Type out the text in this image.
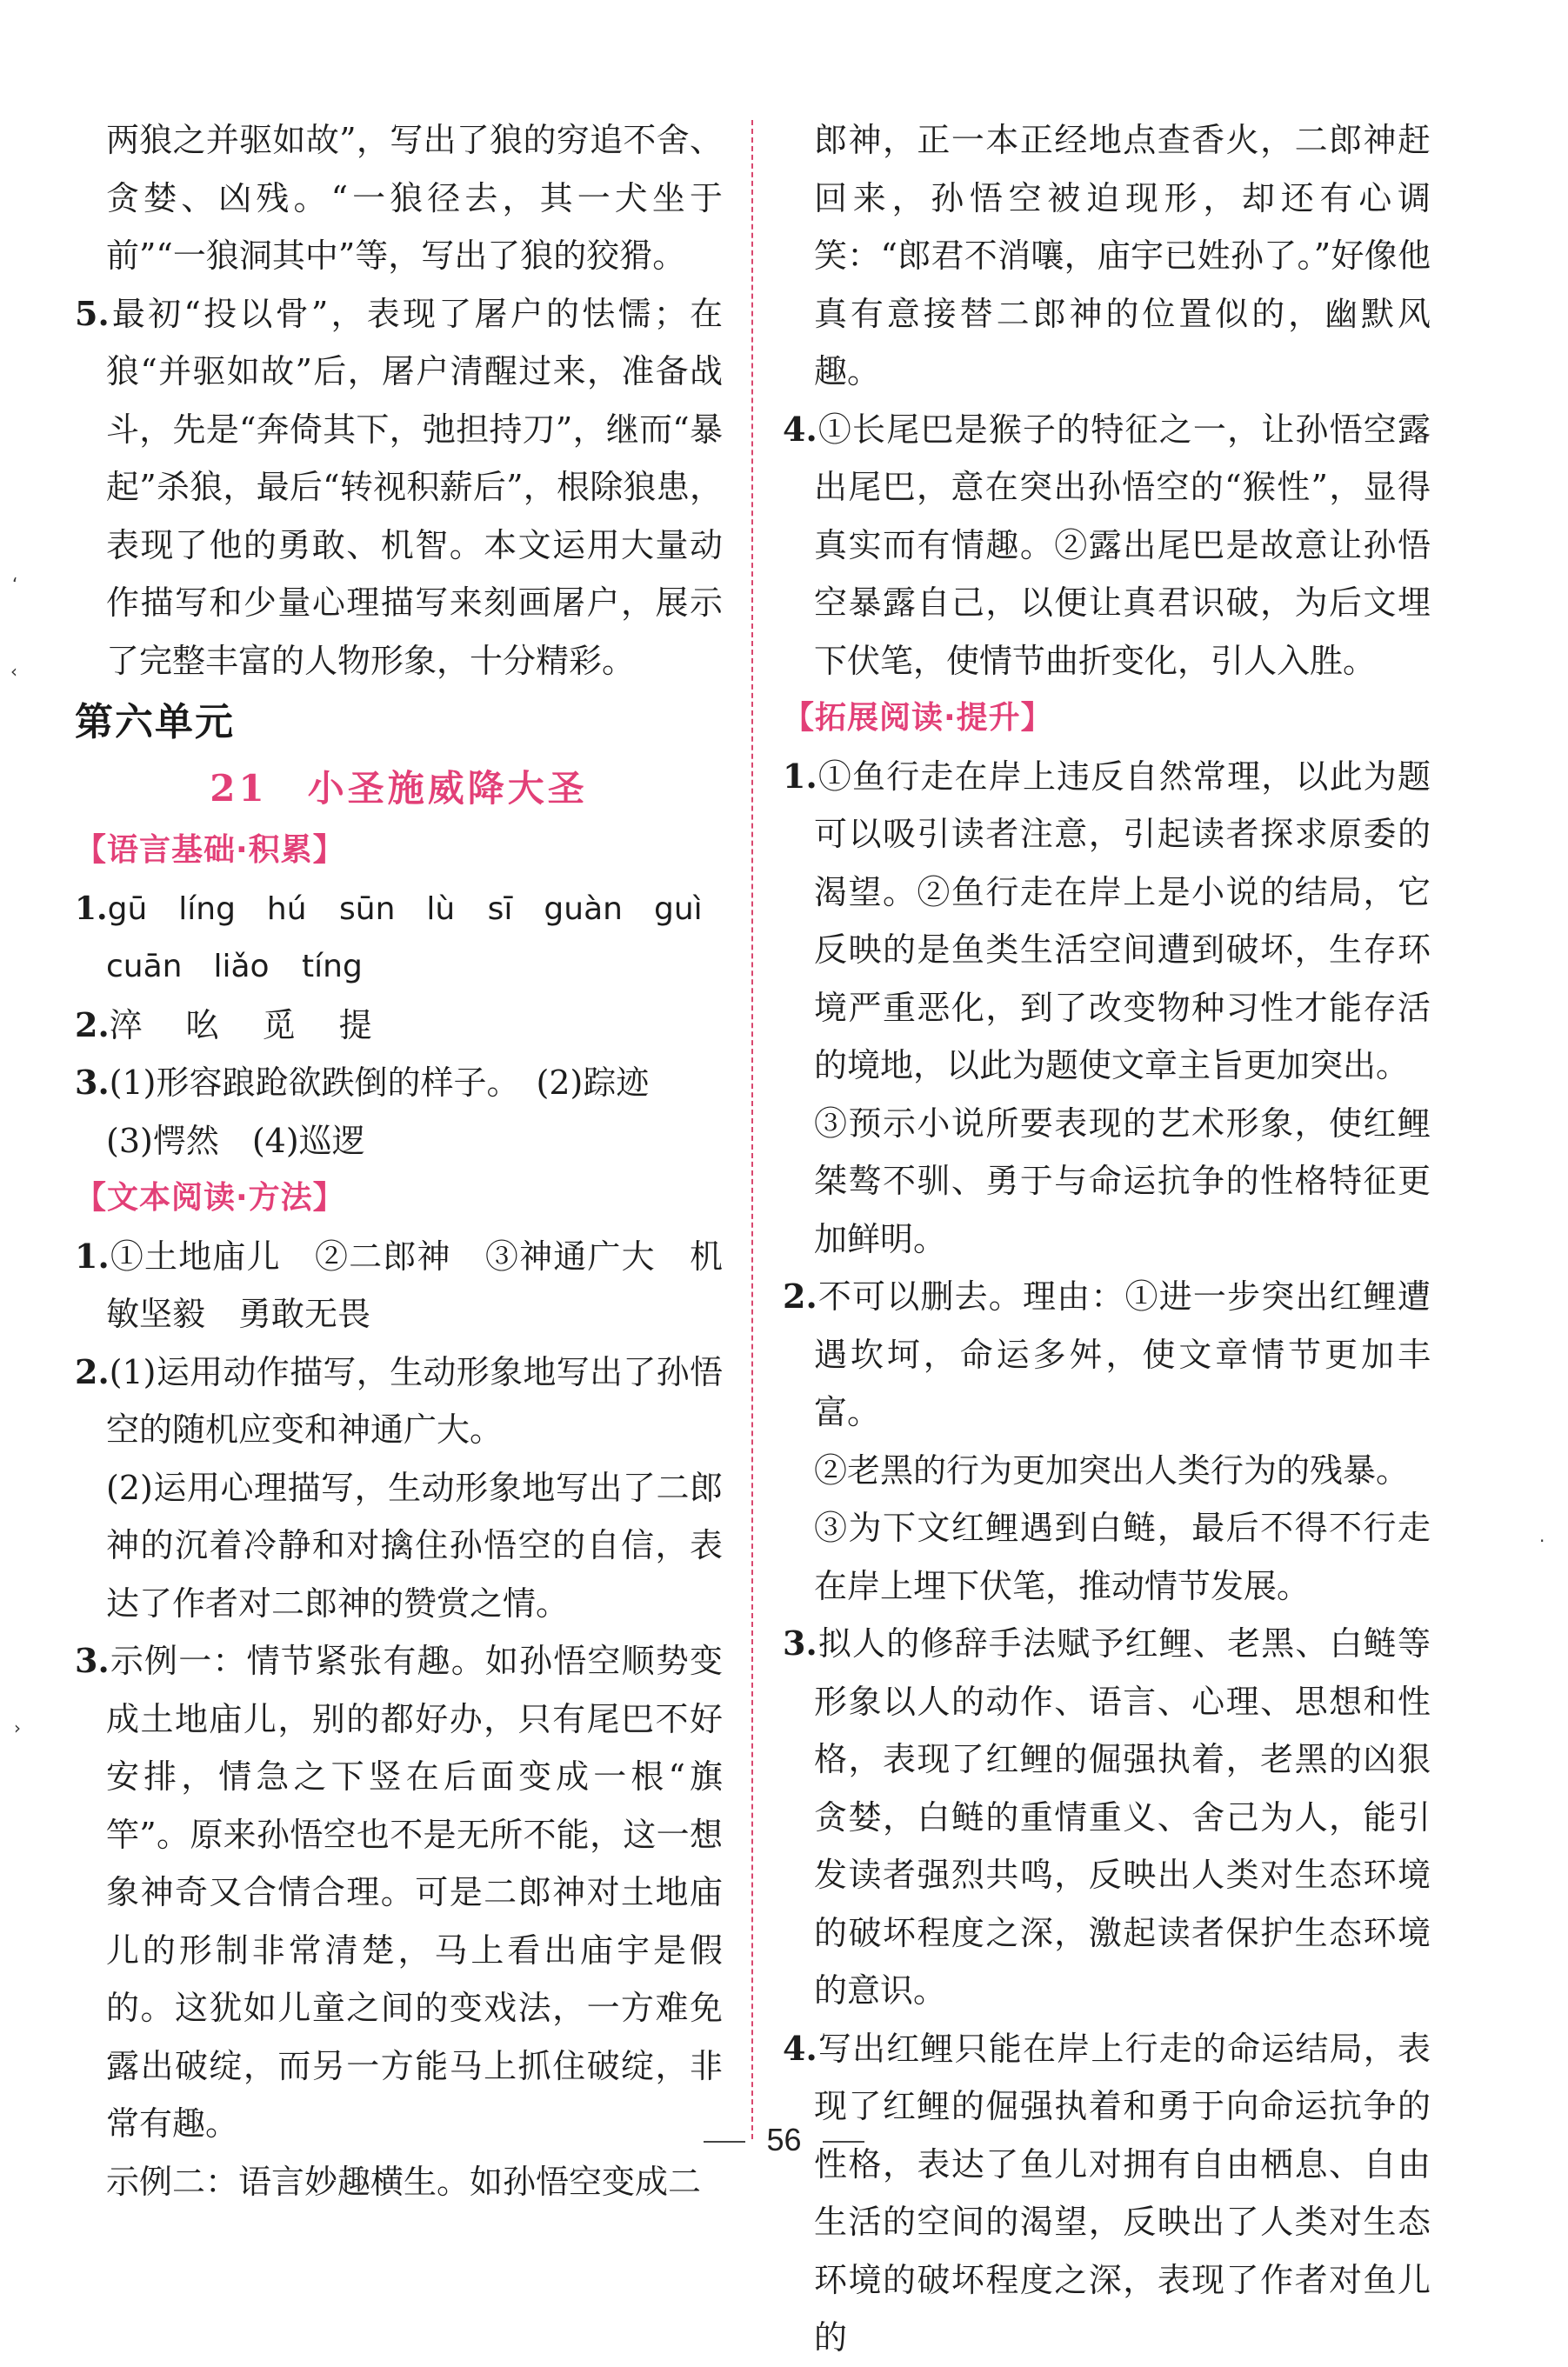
两狼之并驱如故”，写出了狼的穷追不舍、贪婪、凶残。“一狼径去，其一犬坐于前”“一狼洞其中”等，写出了狼的狡猾。

5.最初“投以骨”，表现了屠户的怯懦；在狼“并驱如故”后，屠户清醒过来，准备战斗，先是“奔倚其下，弛担持刀”，继而“暴起”杀狼，最后“转视积薪后”，根除狼患，表现了他的勇敢、机智。本文运用大量动作描写和少量心理描写来刻画屠户，展示了完整丰富的人物形象，十分精彩。

第六单元
21　小圣施威降大圣
【语言基础·积累】

1.gū　líng　hú sūn　lù sī　guàn　guì

cuān　liǎo tíng

2.淬　吆　觅　提

3.(1)形容踉跄欲跌倒的样子。　(2)踪迹

(3)愕然　(4)巡逻

【文本阅读·方法】

1.①土地庙儿　②二郎神　③神通广大　机敏坚毅　勇敢无畏

2.(1)运用动作描写，生动形象地写出了孙悟空的随机应变和神通广大。

(2)运用心理描写，生动形象地写出了二郎神的沉着冷静和对擒住孙悟空的自信，表达了作者对二郎神的赞赏之情。

3.示例一：情节紧张有趣。如孙悟空顺势变成土地庙儿，别的都好办，只有尾巴不好安排，情急之下竖在后面变成一根“旗竿”。原来孙悟空也不是无所不能，这一想象神奇又合情合理。可是二郎神对土地庙儿的形制非常清楚，马上看出庙宇是假的。这犹如儿童之间的变戏法，一方难免露出破绽，而另一方能马上抓住破绽，非常有趣。

示例二：语言妙趣横生。如孙悟空变成二

郎神，正一本正经地点查香火，二郎神赶回来，孙悟空被迫现形，却还有心调笑：“郎君不消嚷，庙宇已姓孙了。”好像他真有意接替二郎神的位置似的，幽默风趣。

4.①长尾巴是猴子的特征之一，让孙悟空露出尾巴，意在突出孙悟空的“猴性”，显得真实而有情趣。②露出尾巴是故意让孙悟空暴露自己，以便让真君识破，为后文埋下伏笔，使情节曲折变化，引人入胜。

【拓展阅读·提升】

1.①鱼行走在岸上违反自然常理，以此为题可以吸引读者注意，引起读者探求原委的渴望。②鱼行走在岸上是小说的结局，它反映的是鱼类生活空间遭到破坏，生存环境严重恶化，到了改变物种习性才能存活的境地，以此为题使文章主旨更加突出。

③预示小说所要表现的艺术形象，使红鲤桀骜不驯、勇于与命运抗争的性格特征更加鲜明。

2.不可以删去。理由：①进一步突出红鲤遭遇坎坷，命运多舛，使文章情节更加丰富。

②老黑的行为更加突出人类行为的残暴。

③为下文红鲤遇到白鲢，最后不得不行走在岸上埋下伏笔，推动情节发展。

3.拟人的修辞手法赋予红鲤、老黑、白鲢等形象以人的动作、语言、心理、思想和性格，表现了红鲤的倔强执着，老黑的凶狠贪婪，白鲢的重情重义、舍己为人，能引发读者强烈共鸣，反映出人类对生态环境的破坏程度之深，激起读者保护生态环境的意识。

4.写出红鲤只能在岸上行走的命运结局，表现了红鲤的倔强执着和勇于向命运抗争的性格，表达了鱼儿对拥有自由栖息、自由生活的空间的渴望，反映出了人类对生态环境的破坏程度之深，表现了作者对鱼儿的

‘
‹
›
·
56
